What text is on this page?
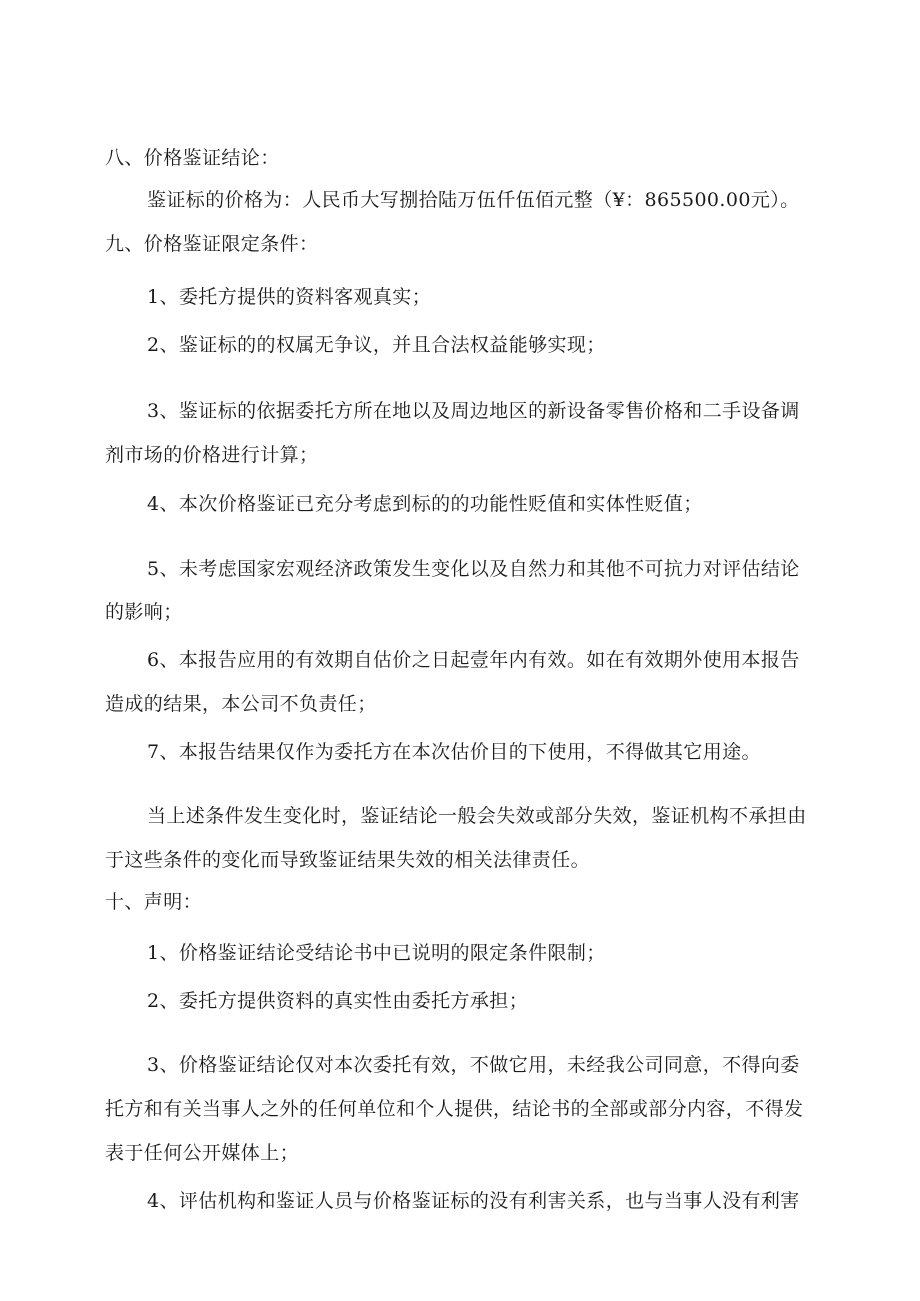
八、价格鉴证结论：
鉴证标的价格为：人民币大写捌拾陆万伍仟伍佰元整（¥：865500.00元）。
九、价格鉴证限定条件：
1、委托方提供的资料客观真实；
2、鉴证标的的权属无争议，并且合法权益能够实现；
3、鉴证标的依据委托方所在地以及周边地区的新设备零售价格和二手设备调
剂市场的价格进行计算；
4、本次价格鉴证已充分考虑到标的的功能性贬值和实体性贬值；
5、未考虑国家宏观经济政策发生变化以及自然力和其他不可抗力对评估结论
的影响；
6、本报告应用的有效期自估价之日起壹年内有效。如在有效期外使用本报告
造成的结果，本公司不负责任；
7、本报告结果仅作为委托方在本次估价目的下使用，不得做其它用途。
当上述条件发生变化时，鉴证结论一般会失效或部分失效，鉴证机构不承担由
于这些条件的变化而导致鉴证结果失效的相关法律责任。
十、声明：
1、价格鉴证结论受结论书中已说明的限定条件限制；
2、委托方提供资料的真实性由委托方承担；
3、价格鉴证结论仅对本次委托有效，不做它用，未经我公司同意，不得向委
托方和有关当事人之外的任何单位和个人提供，结论书的全部或部分内容，不得发
表于任何公开媒体上；
4、评估机构和鉴证人员与价格鉴证标的没有利害关系，也与当事人没有利害
